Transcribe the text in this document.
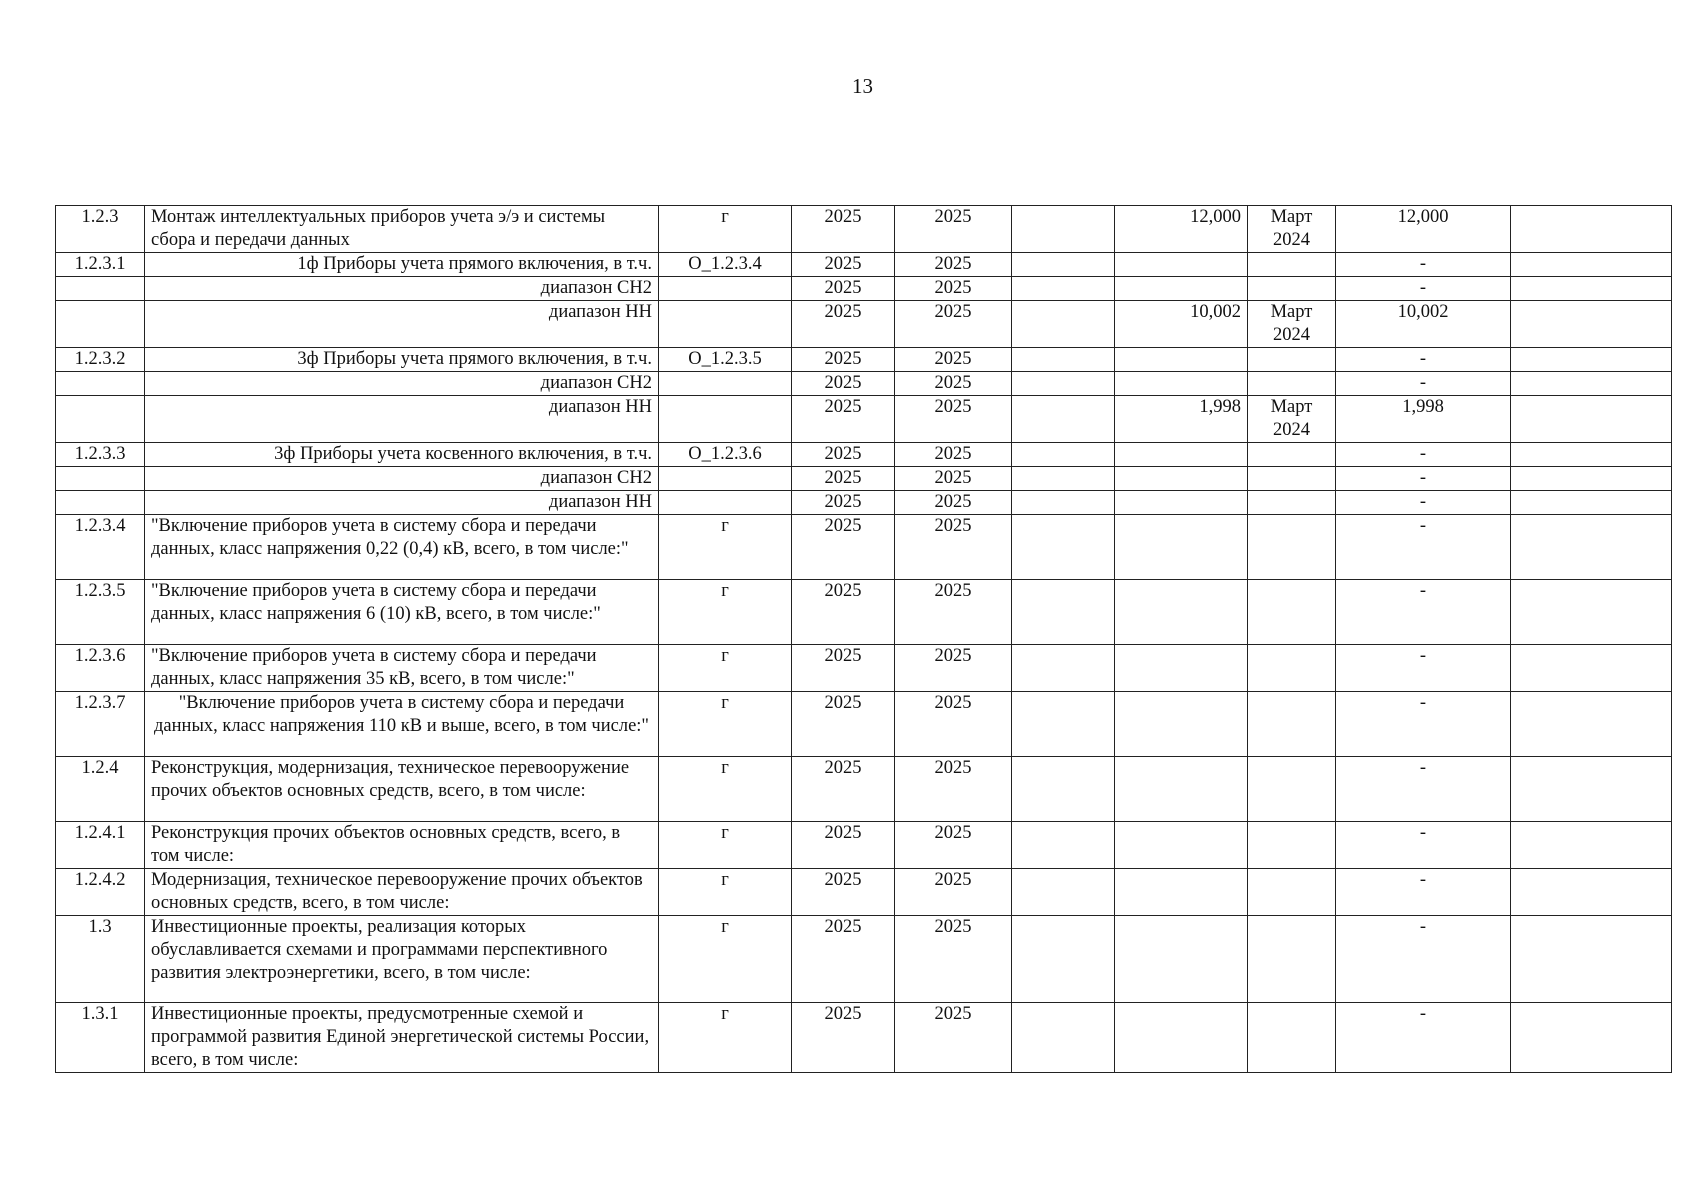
13
1.2.3	Монтаж интеллектуальных приборов учета э/э и системы сбора и передачи данных	г	2025	2025		12,000	Март 2024	12,000	
1.2.3.1	1ф Приборы учета прямого включения, в т.ч.	О_1.2.3.4	2025	2025				-	
	диапазон СН2		2025	2025				-	
	диапазон НН		2025	2025		10,002	Март 2024	10,002	
1.2.3.2	3ф Приборы учета прямого включения, в т.ч.	О_1.2.3.5	2025	2025				-	
	диапазон СН2		2025	2025				-	
	диапазон НН		2025	2025		1,998	Март 2024	1,998	
1.2.3.3	3ф Приборы учета косвенного включения, в т.ч.	О_1.2.3.6	2025	2025				-	
	диапазон СН2		2025	2025				-	
	диапазон НН		2025	2025				-	
1.2.3.4	"Включение приборов учета в систему сбора и передачи данных, класс напряжения 0,22 (0,4) кВ, всего, в том числе:"	г	2025	2025				-	
1.2.3.5	"Включение приборов учета в систему сбора и передачи данных, класс напряжения 6 (10) кВ, всего, в том числе:"	г	2025	2025				-	
1.2.3.6	"Включение приборов учета в систему сбора и передачи данных, класс напряжения 35 кВ, всего, в том числе:"	г	2025	2025				-	
1.2.3.7	"Включение приборов учета в систему сбора и передачи данных, класс напряжения 110 кВ и выше, всего, в том числе:"	г	2025	2025				-	
1.2.4	Реконструкция, модернизация, техническое перевооружение прочих объектов основных средств, всего, в том числе:	г	2025	2025				-	
1.2.4.1	Реконструкция прочих объектов основных средств, всего, в том числе:	г	2025	2025				-	
1.2.4.2	Модернизация, техническое перевооружение прочих объектов основных средств, всего, в том числе:	г	2025	2025				-	
1.3	Инвестиционные проекты, реализация которых обуславливается схемами и программами перспективного развития электроэнергетики, всего, в том числе:	г	2025	2025				-	
1.3.1	Инвестиционные проекты, предусмотренные схемой и программой развития Единой энергетической системы России, всего, в том числе:	г	2025	2025				-	
